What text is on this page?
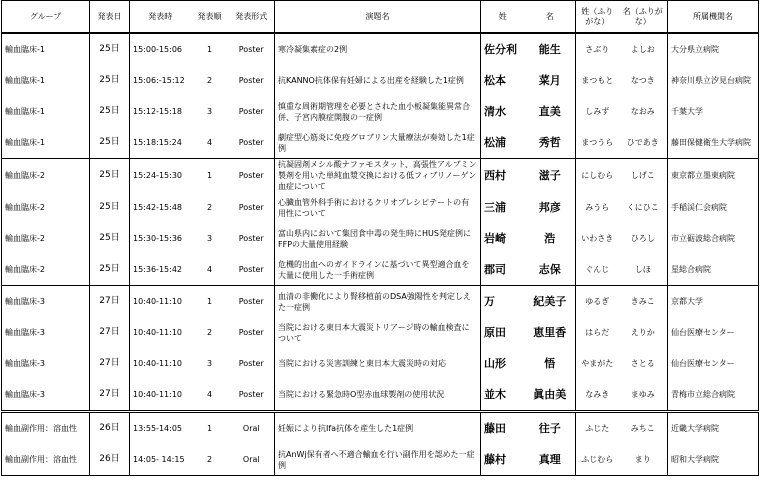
グループ	発表日	発表時	発表順	発表形式	演題名	姓	名	姓（ふりがな）	名（ふりがな）	所属機関名
輸血臨床-1	25日	15:00-15:06	1	Poster	寒冷凝集素症の2例	佐分利	能生	さぶり	よしお	大分県立病院
輸血臨床-1	25日	15:06:-15:12	2	Poster	抗KANNO抗体保有妊婦による出産を経験した1症例	松本	菜月	まつもと	なつき	神奈川県立汐見台病院
輸血臨床-1	25日	15:12-15:18	3	Poster	慎重な周術期管理を必要とされた血小板凝集能異常合併、子宮内膜症開腹の一症例	清水	直美	しみず	なおみ	千葉大学
輸血臨床-1	25日	15:18:15:24	4	Poster	劇症型心筋炎に免疫グロブリン大量療法が奏効した1症例	松浦	秀哲	まつうら	ひであき	藤田保健衛生大学病院
輸血臨床-2	25日	15:24-15:30	1	Poster	抗凝固剤メシル酸ナファモスタット、高張性アルブミン製剤を用いた単純血漿交換における低フィブリノーゲン血症について	西村	滋子	にしむら	しげこ	東京都立墨東病院
輸血臨床-2	25日	15:42-15:48	2	Poster	心臓血管外科手術におけるクリオプレシピテートの有用性について	三浦	邦彦	みうら	くにひこ	手稲渓仁会病院
輸血臨床-2	25日	15:30-15:36	3	Poster	富山県内において集団食中毒の発生時にHUS発症例にFFPの大量使用経験	岩崎	浩	いわさき	ひろし	市立砺波総合病院
輸血臨床-2	25日	15:36-15:42	4	Poster	危機的出血へのガイドラインに基づいて異型適合血を大量に使用した一手術症例	郡司	志保	ぐんじ	しほ	星総合病院
輸血臨床-3	27日	10:40-11:10	1	Poster	血清の非働化により腎移植前のDSA強陽性を判定しえた一症例	万	紀美子	ゆるぎ	きみこ	京都大学
輸血臨床-3	27日	10:40-11:10	2	Poster	当院における東日本大震災トリアージ時の輸血検査について	原田	恵里香	はらだ	えりか	仙台医療センター
輸血臨床-3	27日	10:40-11:10	3	Poster	当院における災害訓練と東日本大震災時の対応	山形	悟	やまがた	さとる	仙台医療センター
輸血臨床-3	27日	10:40-11:10	4	Poster	当院における緊急時O型赤血球製剤の使用状況	並木	眞由美	なみき	まゆみ	青梅市立総合病院
輸血副作用：溶血性	26日	13:55-14:05	1	Oral	妊娠により抗Ifa抗体を産生した1症例	藤田	往子	ふじた	みちこ	近畿大学病院
輸血副作用：溶血性	26日	14:05- 14:15	2	Oral	抗AnWj保有者へ不適合輸血を行い副作用を認めた一症例	藤村	真理	ふじむら	まり	昭和大学病院
